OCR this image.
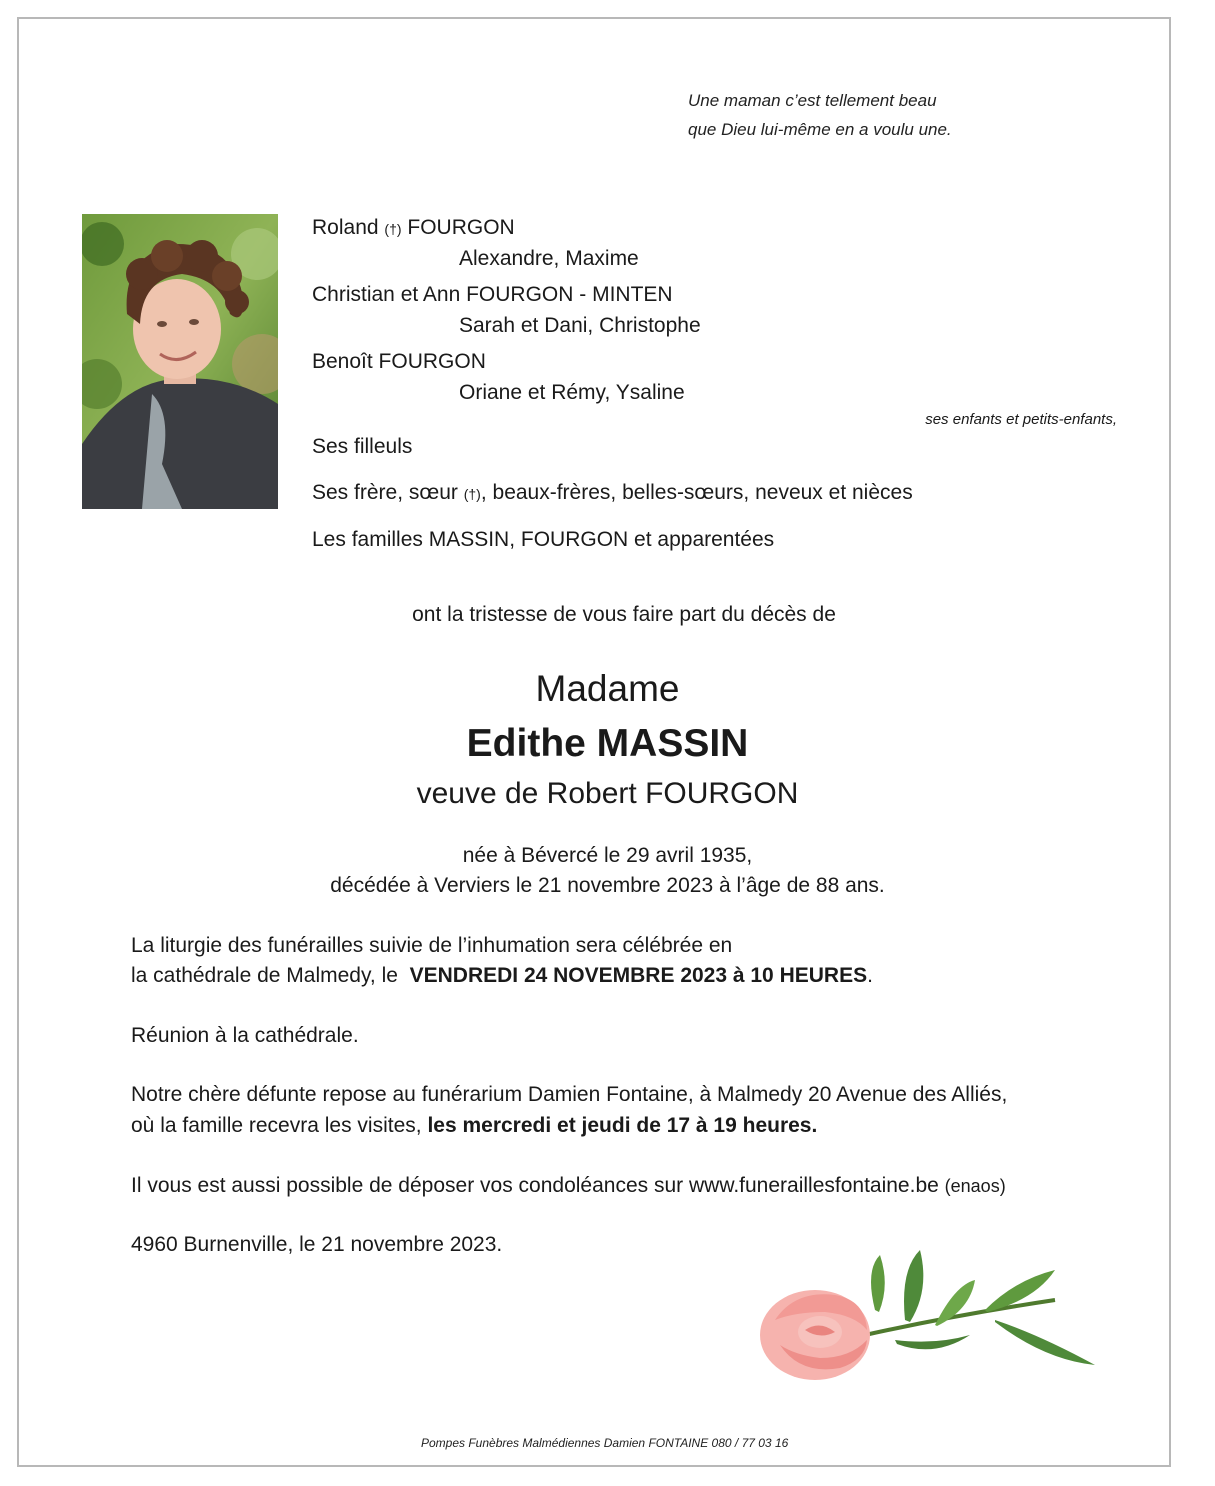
Une maman c’est tellement beau
que Dieu lui-même en a voulu une.
Roland (†) FOURGON
Alexandre, Maxime
Christian et Ann FOURGON - MINTEN
Sarah et Dani, Christophe
Benoît FOURGON
Oriane et Rémy, Ysaline
ses enfants et petits-enfants,
Ses filleuls
Ses frère, sœur (†), beaux-frères, belles-sœurs, neveux et nièces
Les familles MASSIN, FOURGON et apparentées
ont la tristesse de vous faire part du décès de
Madame
Edithe MASSIN
veuve de Robert FOURGON
née à Bévercé le 29 avril 1935,
décédée à Verviers le 21 novembre 2023 à l’âge de 88 ans.
La liturgie des funérailles suivie de l’inhumation sera célébrée en
la cathédrale de Malmedy, le VENDREDI 24 NOVEMBRE 2023 à 10 HEURES.
Réunion à la cathédrale.
Notre chère défunte repose au funérarium Damien Fontaine, à Malmedy 20 Avenue des Alliés,
où la famille recevra les visites, les mercredi et jeudi de 17 à 19 heures.
Il vous est aussi possible de déposer vos condoléances sur www.funeraillesfontaine.be (enaos)
4960 Burnenville, le 21 novembre 2023.
Pompes Funèbres Malmédiennes Damien FONTAINE 080 / 77 03 16
